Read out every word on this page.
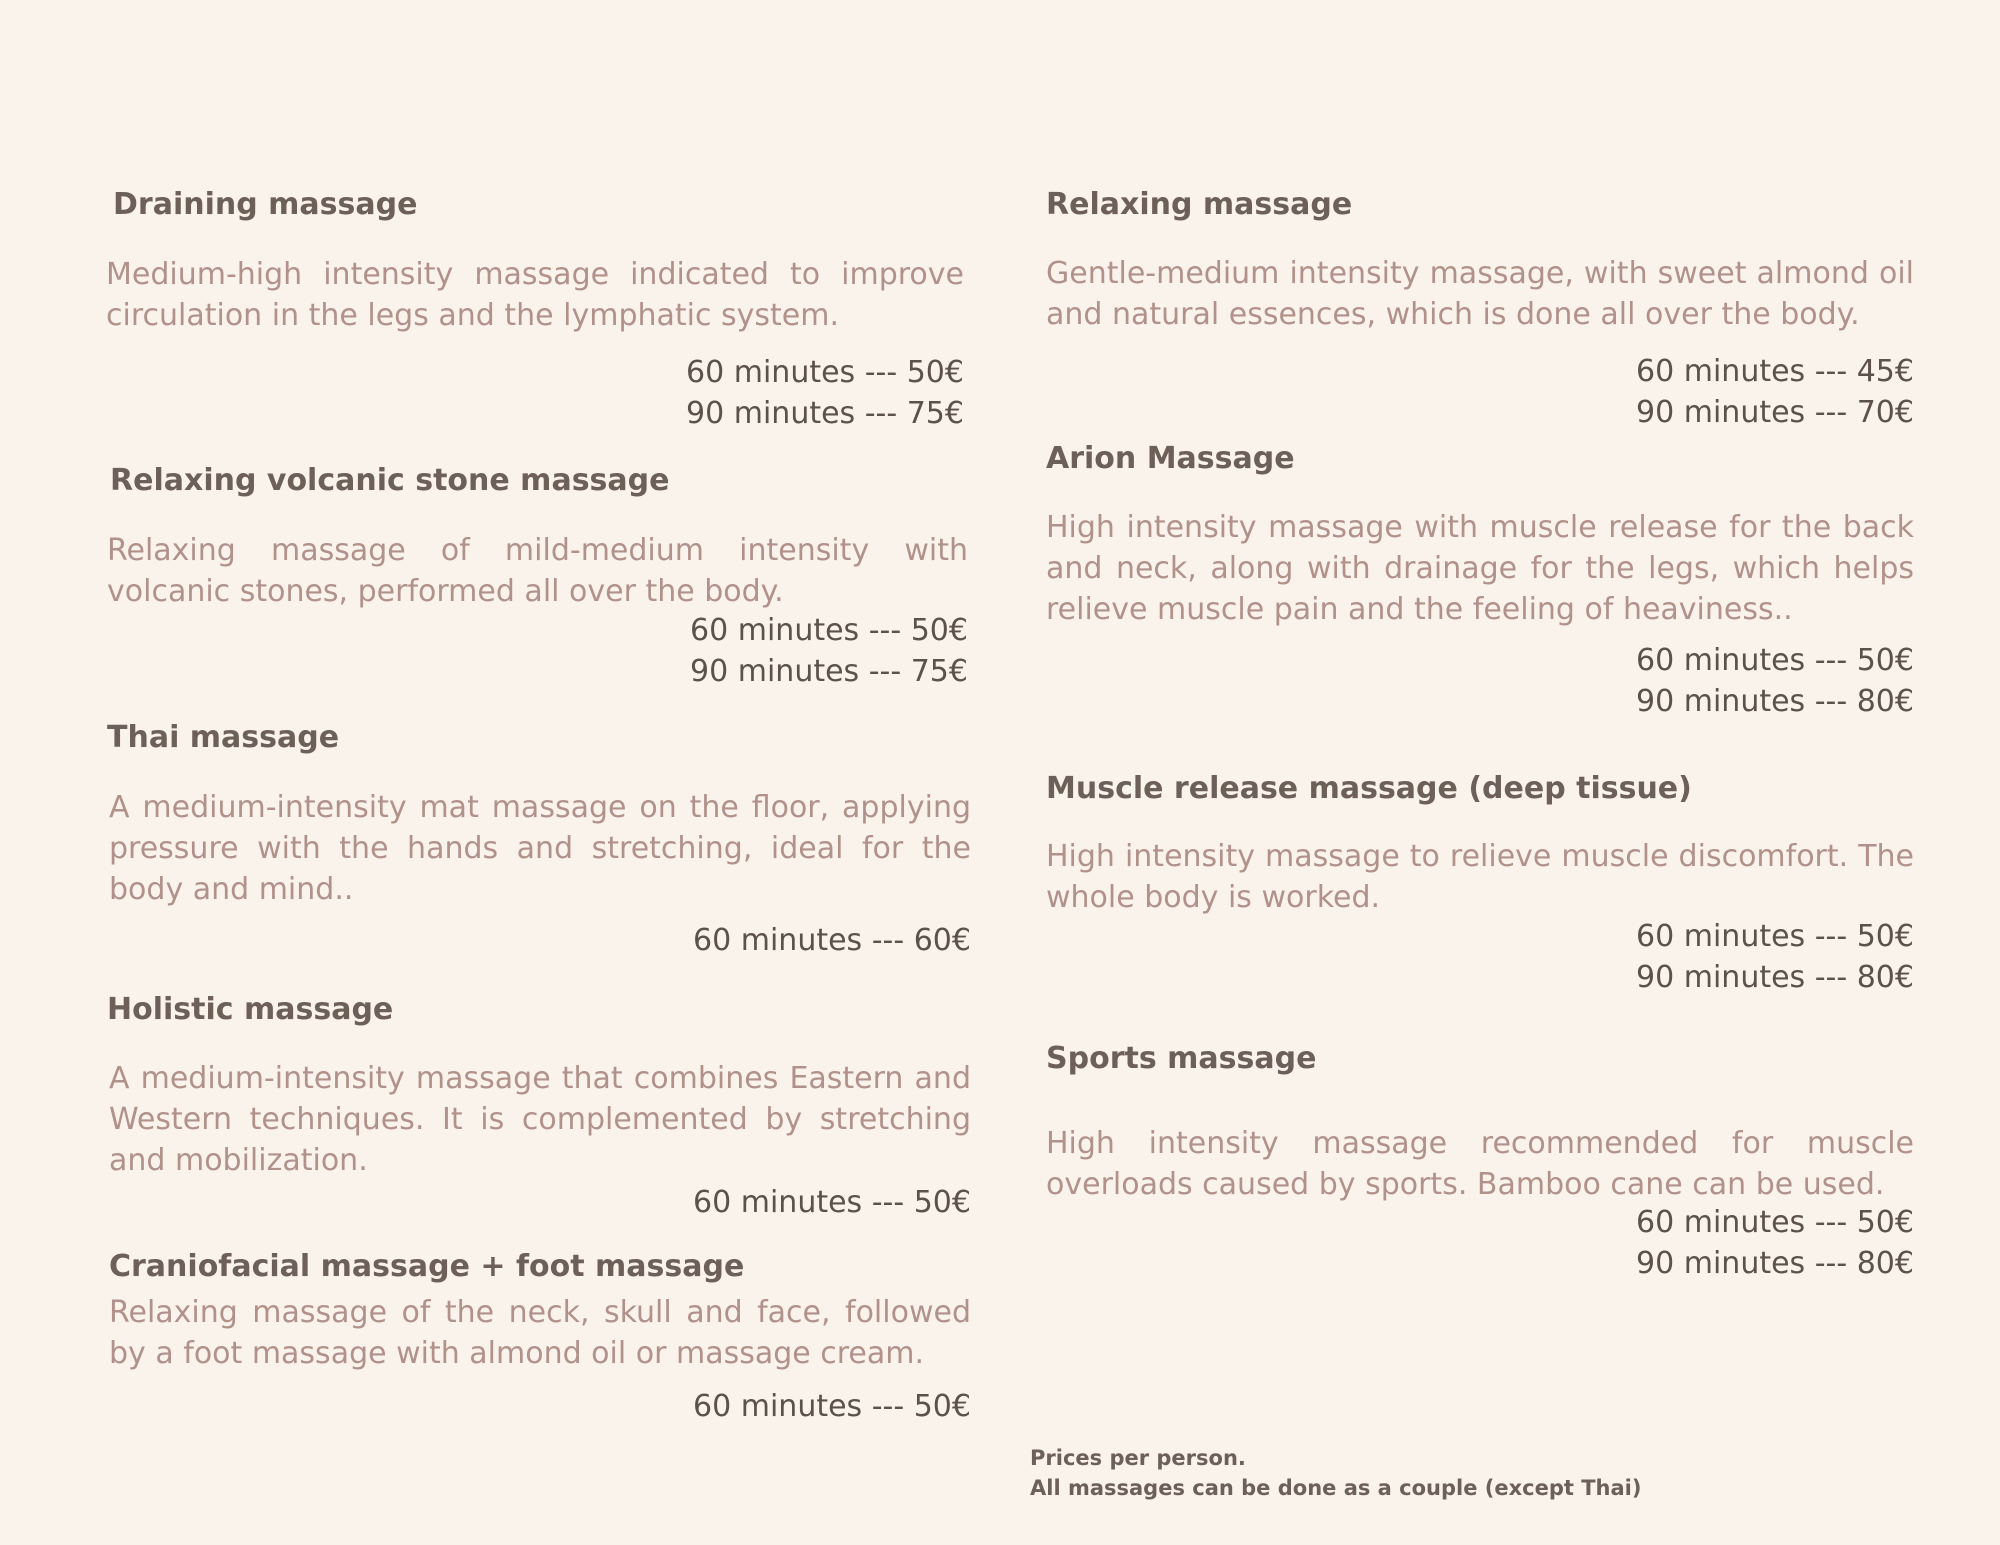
Draining massage
Medium-high intensity massage indicated to improve circulation in the legs and the lymphatic system.
60 minutes --- 50€
90 minutes --- 75€
Relaxing volcanic stone massage
Relaxing massage of mild-medium intensity with volcanic stones, performed all over the body.
60 minutes --- 50€
90 minutes --- 75€
Thai massage
A medium-intensity mat massage on the floor, applying pressure with the hands and stretching, ideal for the body and mind..
60 minutes --- 60€
Holistic massage
A medium-intensity massage that combines Eastern and Western techniques. It is complemented by stretching and mobilization.
60 minutes --- 50€
Craniofacial massage + foot massage
Relaxing massage of the neck, skull and face, followed by a foot massage with almond oil or massage cream.
60 minutes --- 50€
Relaxing massage
Gentle-medium intensity massage, with sweet almond oil and natural essences, which is done all over the body.
60 minutes --- 45€
90 minutes --- 70€
Arion Massage
High intensity massage with muscle release for the back and neck, along with drainage for the legs, which helps relieve muscle pain and the feeling of heaviness..
60 minutes --- 50€
90 minutes --- 80€
Muscle release massage (deep tissue)
High intensity massage to relieve muscle discomfort. The whole body is worked.
60 minutes --- 50€
90 minutes --- 80€
Sports massage
High intensity massage recommended for muscle overloads caused by sports. Bamboo cane can be used.
60 minutes --- 50€
90 minutes --- 80€
Prices per person.
All massages can be done as a couple (except Thai)
